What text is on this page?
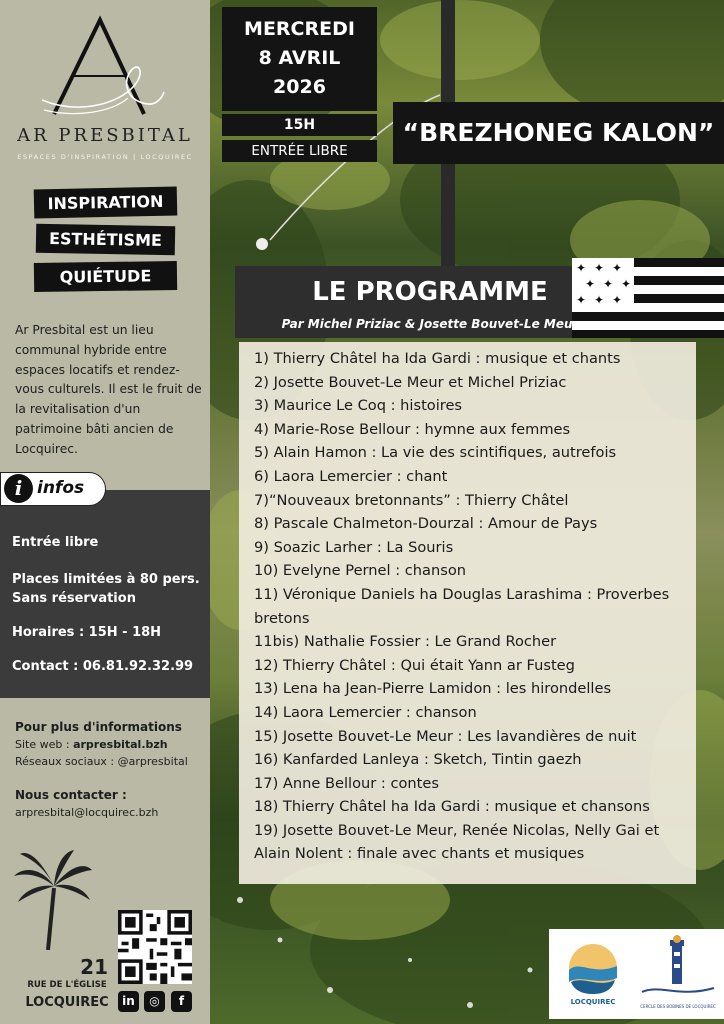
AR PRESBITAL
ESPACES D'INSPIRATION | LOCQUIREC
INSPIRATION
ESTHÉTISME
QUIÉTUDE

Ar Presbital est un lieu communal hybride entre espaces locatifs et rendez-vous culturels. Il est le fruit de la revitalisation d'un patrimoine bâti ancien de Locquirec.

i infos
Entrée libre
Places limitées à 80 pers.
Sans réservation
Horaires : 15H - 18H
Contact : 06.81.92.32.99
Pour plus d'informations
Site web : arpresbital.bzh
Réseaux sociaux : @arpresbital
Nous contacter :
arpresbital@locquirec.bzh
21
RUE DE L'ÉGLISE
LOCQUIREC	in	◎	f
MERCREDI
8 AVRIL
2026
15H
ENTRÉE LIBRE
“BREZHONEG KALON”
✦ ✦ ✦
✦ ✦ ✦
✦ ✦ ✦
LE PROGRAMME
Par Michel Priziac & Josette Bouvet-Le Meur
1) Thierry Châtel ha Ida Gardi : musique et chants
2) Josette Bouvet-Le Meur et Michel Priziac
3) Maurice Le Coq : histoires
4) Marie-Rose Bellour : hymne aux femmes
5) Alain Hamon : La vie des scintifiques, autrefois
6) Laora Lemercier : chant
7)“Nouveaux bretonnants” : Thierry Châtel
8) Pascale Chalmeton-Dourzal : Amour de Pays
9) Soazic Larher : La Souris
10) Evelyne Pernel : chanson
11) Véronique Daniels ha Douglas Larashima : Proverbes bretons
11bis) Nathalie Fossier : Le Grand Rocher
12) Thierry Châtel : Qui était Yann ar Fusteg
13) Lena ha Jean-Pierre Lamidon : les hirondelles
14) Laora Lemercier : chanson
15) Josette Bouvet-Le Meur : Les lavandières de nuit
16) Kanfarded Lanleya : Sketch, Tintin gaezh
17) Anne Bellour : contes
18) Thierry Châtel ha Ida Gardi : musique et chansons
19) Josette Bouvet-Le Meur, Renée Nicolas, Nelly Gai et Alain Nolent : finale avec chants et musiques
LOCQUIREC
CERCLE DES BOBINES DE LOCQUIREC
